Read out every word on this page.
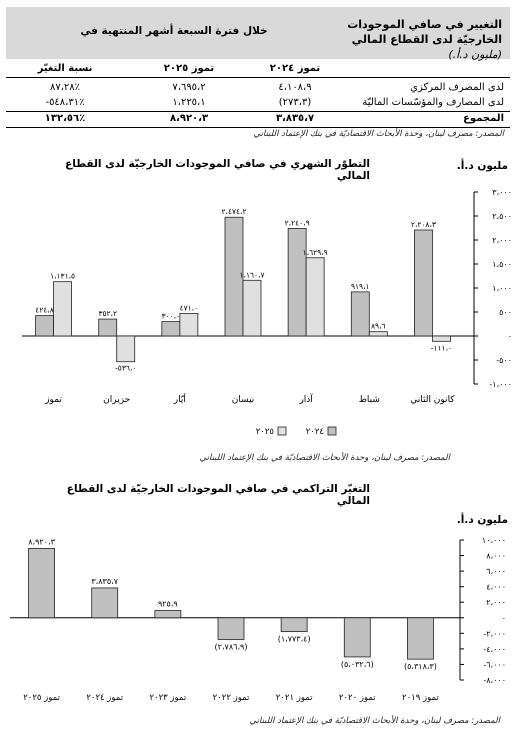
التغيير في صافي الموجودات الخارجيّة لدى القطاع المالي (مليون د.أ.)
خلال فترة السبعة أشهر المنتهية في
تموز ٢٠٢٤
تموز ٢٠٢٥
نسبة التغيّر
لدى المصرف المركزي
٤،١٠٨،٩
٧،٦٩٥،٢
٨٧،٢٨٪
لدى المصارف والمؤسّسات الماليّة
(٢٧٣،٣)
١،٢٢٥،١
-٥٤٨،٣١٪
المجموع
٣،٨٣٥،٧
٨،٩٢٠،٣
١٣٢،٥٦٪
المصدر: مصرف لبنان، وحدة الأبحاث الاقتصاديّة في بنك الإعتماد اللبناني
التطوّر الشهري في صافي الموجودات الخارجيّة لدى القطاع المالي
مليون د.أ.
٣،٠٠٠
٢،٥٠٠
٢،٠٠٠
١،٥٠٠
١،٠٠٠
٥٠٠
٠
-٥٠٠
-١،٠٠٠
٢،٢٠٨،٣
-١١١،٠
كانون الثاني
٩١٩،١
٨٩،٦
شباط
٢،٢٤٠،٩
١،٦٢٩،٩
آذار
٢،٤٧٤،٢
١،١٦٠،٧
نيسان
٣٠٠،٠
٤٧١،٠
أيّار
٣٥٢،٢
-٥٣٦،٠
حزيران
٤٢٤،٨
١،١٣١،٥
تموز
٢٠٢٤
٢٠٢٥
المصدر: مصرف لبنان، وحدة الأبحاث الاقتصاديّة في بنك الإعتماد اللبناني
التغيّر التراكمي في صافي الموجودات الخارجيّة لدى القطاع المالي
مليون د.أ.
١٠،٠٠٠
٨،٠٠٠
٦،٠٠٠
٤،٠٠٠
٢،٠٠٠
٠
-٢،٠٠٠
-٤،٠٠٠
-٦،٠٠٠
-٨،٠٠٠
(٥،٣١٨،٣)
تموز ٢٠١٩
(٥،٠٣٢،٦)
تموز ٢٠٢٠
(١،٧٧٣،٤)
تموز ٢٠٢١
(٢،٧٨٦،٩)
تموز ٢٠٢٢
٩٢٥،٩
تموز ٢٠٢٣
٣،٨٣٥،٧
تموز ٢٠٢٤
٨،٩٢٠،٣
تموز ٢٠٢٥
المصدر: مصرف لبنان، وحدة الأبحاث الاقتصاديّة في بنك الإعتماد اللبناني
